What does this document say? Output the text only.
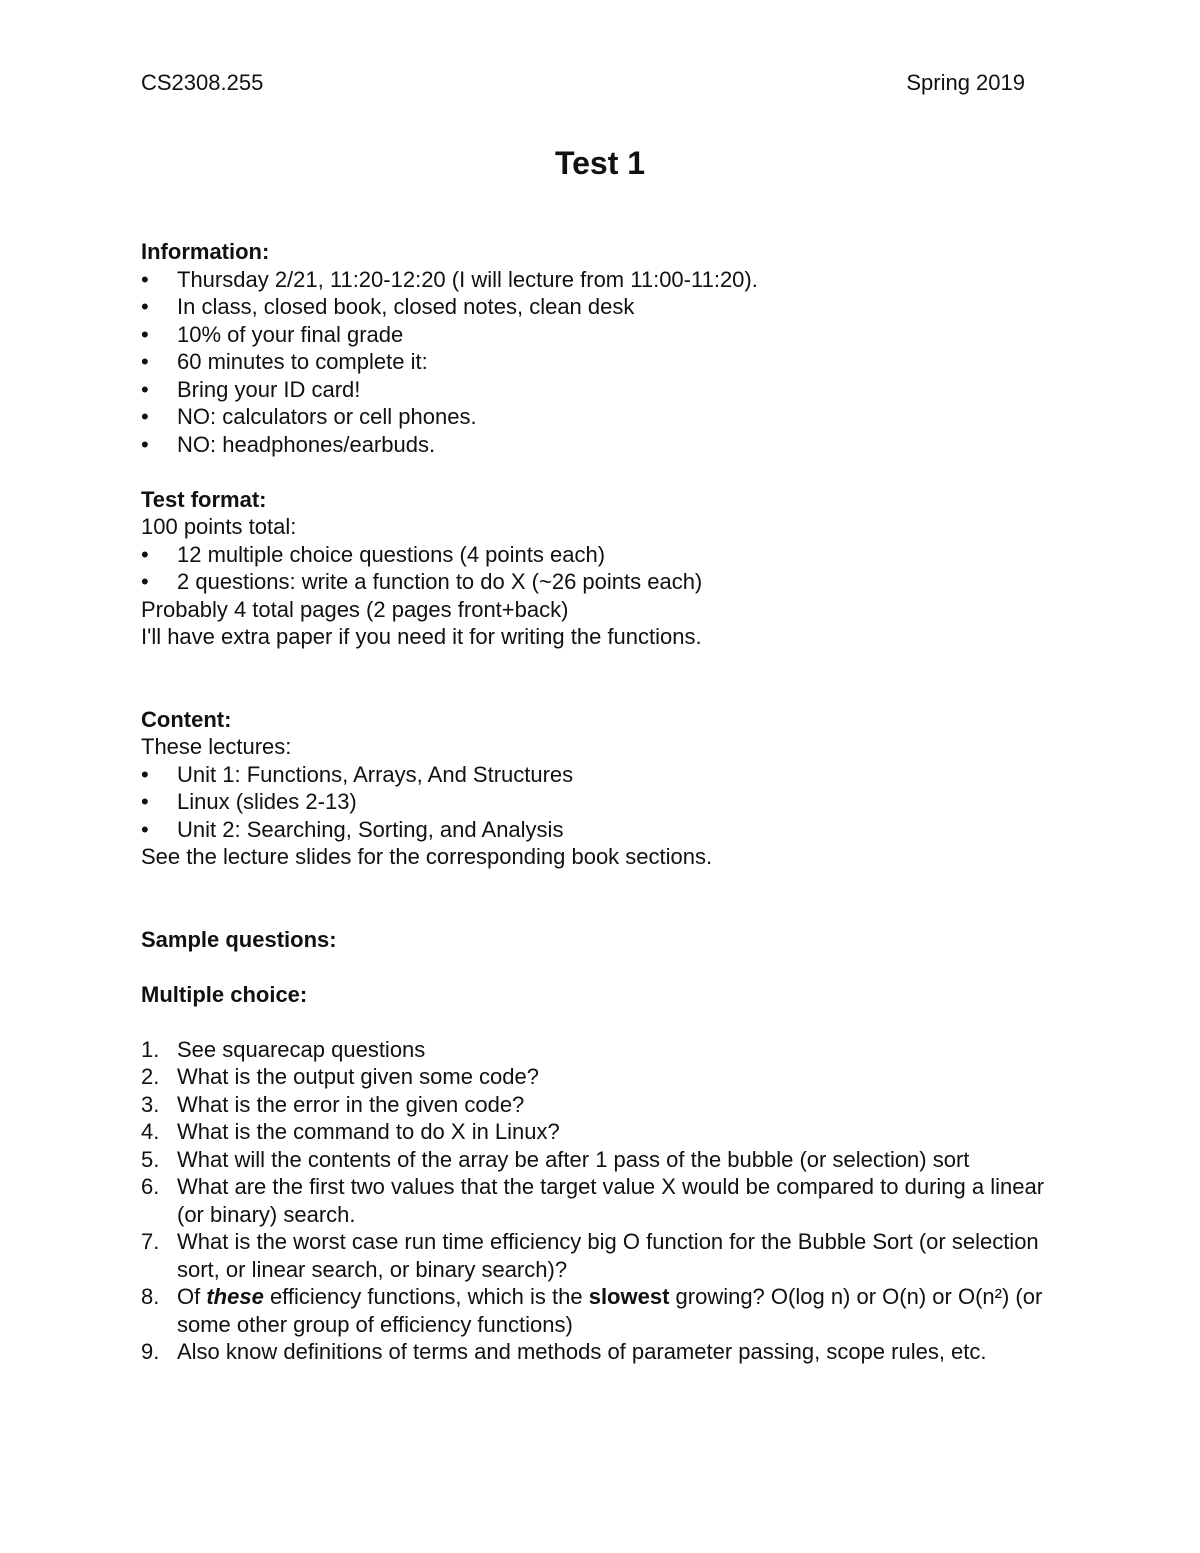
CS2308.255	Spring 2019
Test 1
Information:
• Thursday 2/21, 11:20-12:20 (I will lecture from 11:00-11:20).
• In class, closed book, closed notes, clean desk
• 10% of your final grade
• 60 minutes to complete it:
• Bring your ID card!
• NO: calculators or cell phones.
• NO: headphones/earbuds.
Test format:
100 points total:
• 12 multiple choice questions (4 points each)
• 2 questions: write a function to do X (~26 points each)
Probably 4 total pages (2 pages front+back)
I'll have extra paper if you need it for writing the functions.
Content:
These lectures:
• Unit 1: Functions, Arrays, And Structures
• Linux (slides 2-13)
• Unit 2: Searching, Sorting, and Analysis
See the lecture slides for the corresponding book sections.
Sample questions:
Multiple choice:
1. See squarecap questions
2. What is the output given some code?
3. What is the error in the given code?
4. What is the command to do X in Linux?
5. What will the contents of the array be after 1 pass of the bubble (or selection) sort
6. What are the first two values that the target value X would be compared to during a linear (or binary) search.
7. What is the worst case run time efficiency big O function for the Bubble Sort (or selection sort, or linear search, or binary search)?
8. Of these efficiency functions, which is the slowest growing? O(log n) or O(n) or O(n²) (or some other group of efficiency functions)
9. Also know definitions of terms and methods of parameter passing, scope rules, etc.
